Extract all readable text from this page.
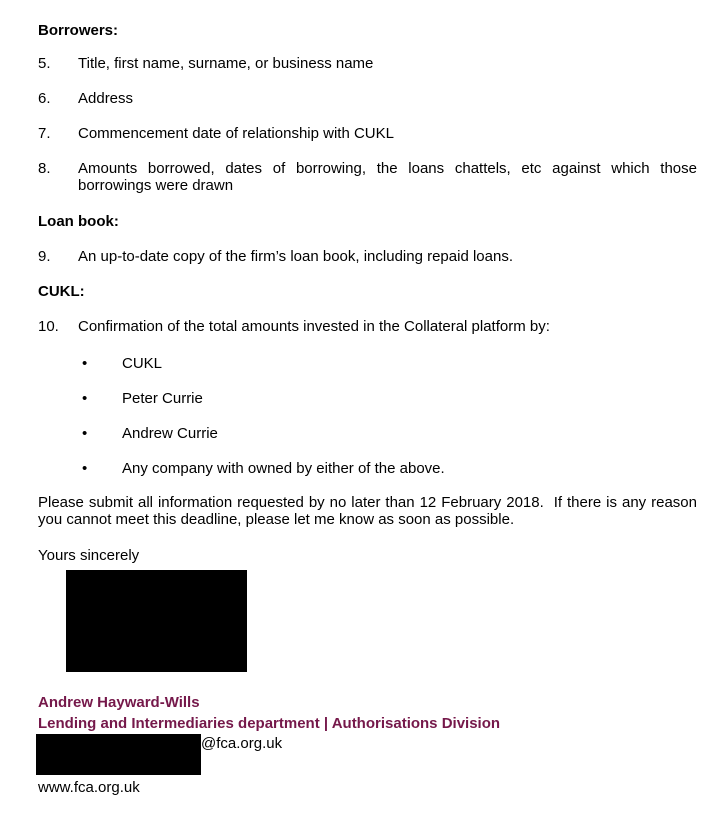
Borrowers:
5.	Title, first name, surname, or business name
6.	Address
7.	Commencement date of relationship with CUKL
8.	Amounts borrowed, dates of borrowing, the loans chattels, etc against which those borrowings were drawn
Loan book:
9.	An up-to-date copy of the firm’s loan book, including repaid loans.
CUKL:
10.	Confirmation of the total amounts invested in the Collateral platform by:
•	CUKL
•	Peter Currie
•	Andrew Currie
•	Any company with owned by either of the above.
Please submit all information requested by no later than 12 February 2018.  If there is any reason you cannot meet this deadline, please let me know as soon as possible.
Yours sincerely
Andrew Hayward-Wills
Lending and Intermediaries department | Authorisations Division
@fca.org.uk
www.fca.org.uk
